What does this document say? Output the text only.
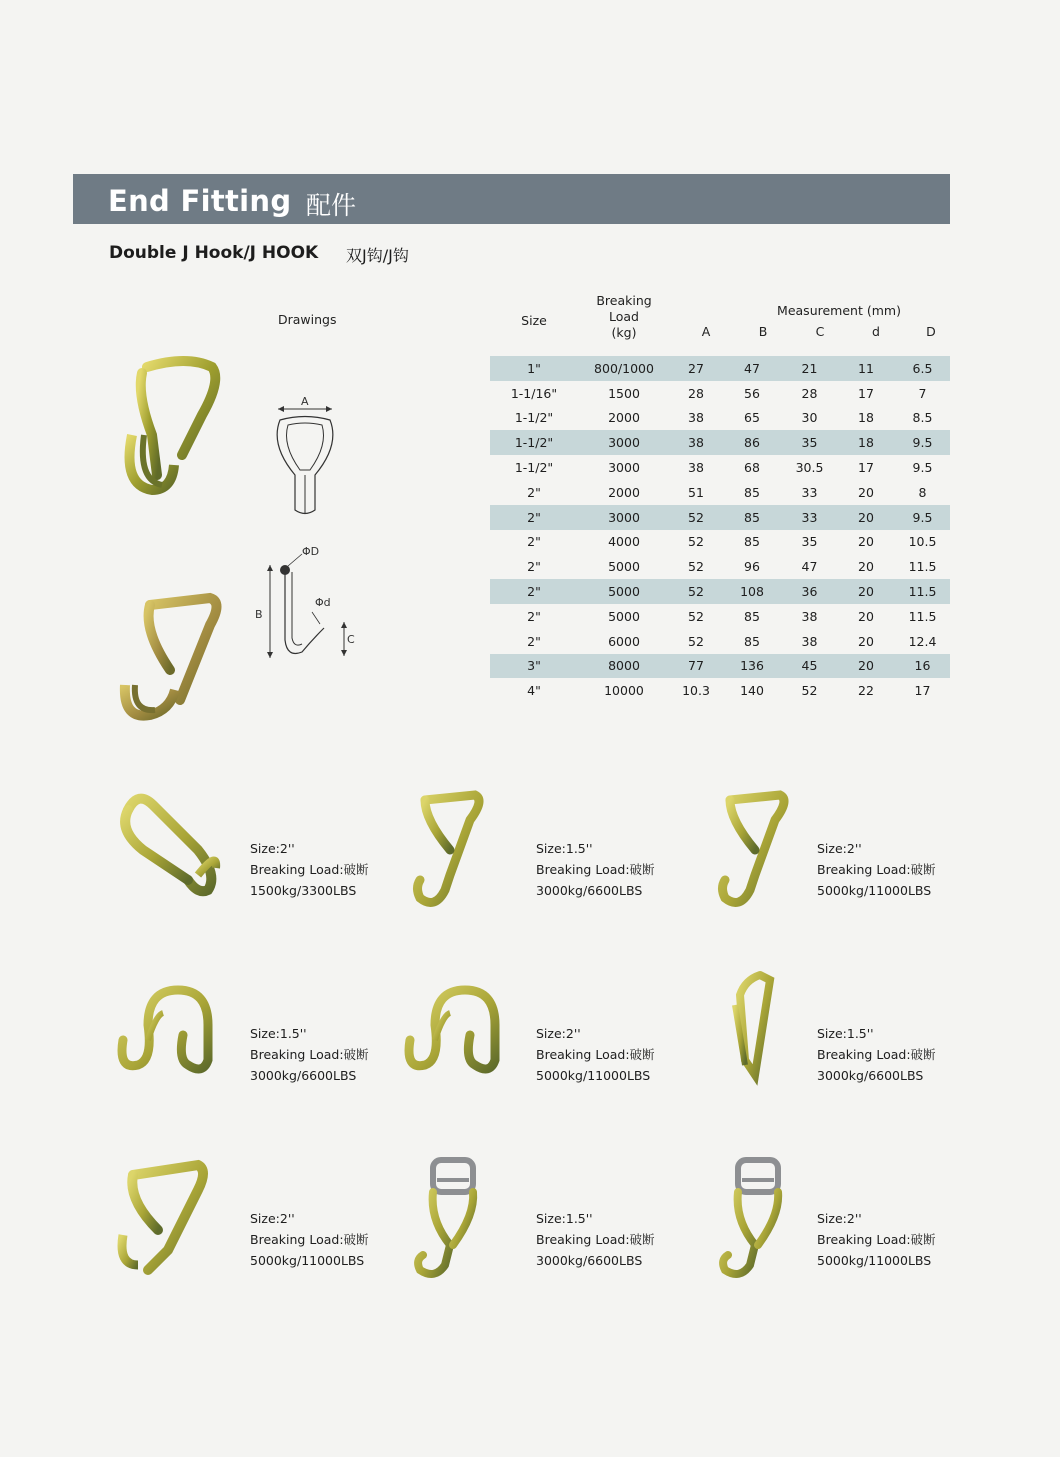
End Fitting 配件
Double J Hook/J HOOK 双J钩/J钩
Drawings
A
B
ΦD
Φd
C
Size
Breaking
Load
(kg)
Measurement (mm)
A	B	C	d	D
1"	800/1000	27	47	21	11	6.5
1-1/16"	1500	28	56	28	17	7
1-1/2"	2000	38	65	30	18	8.5
1-1/2"	3000	38	86	35	18	9.5
1-1/2"	3000	38	68	30.5	17	9.5
2"	2000	51	85	33	20	8
2"	3000	52	85	33	20	9.5
2"	4000	52	85	35	20	10.5
2"	5000	52	96	47	20	11.5
2"	5000	52	108	36	20	11.5
2"	5000	52	85	38	20	11.5
2"	6000	52	85	38	20	12.4
3"	8000	77	136	45	20	16
4"	10000	10.3	140	52	22	17
Size:2''
Breaking Load:破断
1500kg/3300LBS
Size:1.5''
Breaking Load:破断
3000kg/6600LBS
Size:2''
Breaking Load:破断
5000kg/11000LBS
Size:1.5''
Breaking Load:破断
3000kg/6600LBS
Size:2''
Breaking Load:破断
5000kg/11000LBS
Size:1.5''
Breaking Load:破断
3000kg/6600LBS
Size:2''
Breaking Load:破断
5000kg/11000LBS
Size:1.5''
Breaking Load:破断
3000kg/6600LBS
Size:2''
Breaking Load:破断
5000kg/11000LBS
